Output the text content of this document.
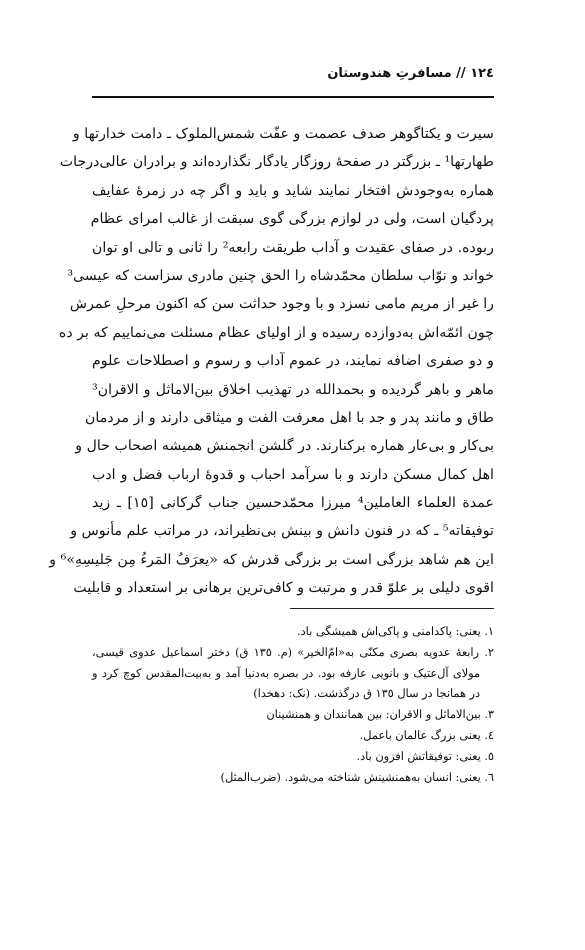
١٢٤ // مسافرتِ هندوستان
سیرت و یکتاگوهر صدف عصمت و عفّت شمس‌الملوک ـ دامت خدارتها و
طهارتها¹ ـ بزرگتر در صفحهٔ روزگار یادگار نگذارده‌اند و برادران عالی‌درجات
هماره به‌وجودش افتخار نمایند شاید و باید و اگر چه در زمرهٔ عفایف
پردگیان است، ولی در لوازم بزرگی گوی سبقت از غالب امرای عظام
ربوده. در صفای عقیدت و آداب طریقت رابعه² را ثانی و تالی او توان
خواند و نوّاب سلطان محمّدشاه را الحق چنین مادری سزاست که عیسی³
را غیر از مریم مامی نسزد و با وجود حداثت سن که اکنون مرحلِ عمرش
چون ائمّه‌اش به‌دوازده رسیده و از اولیای عظام مسئلت می‌نماییم که بر ده
و دو صفری اضافه نمایند، در عموم آداب و رسوم و اصطلاحات علوم
ماهر و باهر گردیده و بحمدالله در تهذیب اخلاق بین‌الاماثل و الاقران³
طاق و مانند پدر و جد با اهل معرفت الفت و میثاقی دارند و از مردمان
بی‌کار و بی‌عار هماره برکنارند. در گلشن انجمنش همیشه اصحاب حال و
اهل کمال مسکن دارند و با سرآمد احباب و قدوهٔ ارباب فضل و ادب
عمدة العلماء العاملین⁴ میرزا محمّدحسین جناب گرکانی [١٥] ـ زید
توفیقاته⁵ ـ که در فنون دانش و بینش بی‌نظیراند، در مراتب علم مأنوس و
این هم شاهد بزرگی است بر بزرگی قدرش که «یعرَفُ المَرءُ مِن جَلیسِهِ»⁶ و
اقوی دلیلی بر علوّ قدر و مرتبت و کافی‌ترین برهانی بر استعداد و قابلیت
١. یعنی: پاکدامنی و پاکی‌اش همیشگی باد.
٢. رابعهٔ عدویه بصری مکنّی به«امّ‌الخیر» (م. ١٣٥ ق) دختر اسماعیل عدوی قیسی،
مولای آل‌عتیک و بانویی عارفه بود. در بصره به‌دنیا آمد و به‌بیت‌المقدس کوچ کرد و
در همانجا در سال ١٣٥ ق درگذشت. (نک: دهخدا)
٣. بین‌الاماثل و الاقران: بین همانندان و همنشینان
٤. یعنی بزرگ عالمان باعمل.
٥. یعنی: توفیقاتش افزون باد.
٦. یعنی: انسان به‌همنشینش شناخته می‌شود. (ضرب‌المثل)
